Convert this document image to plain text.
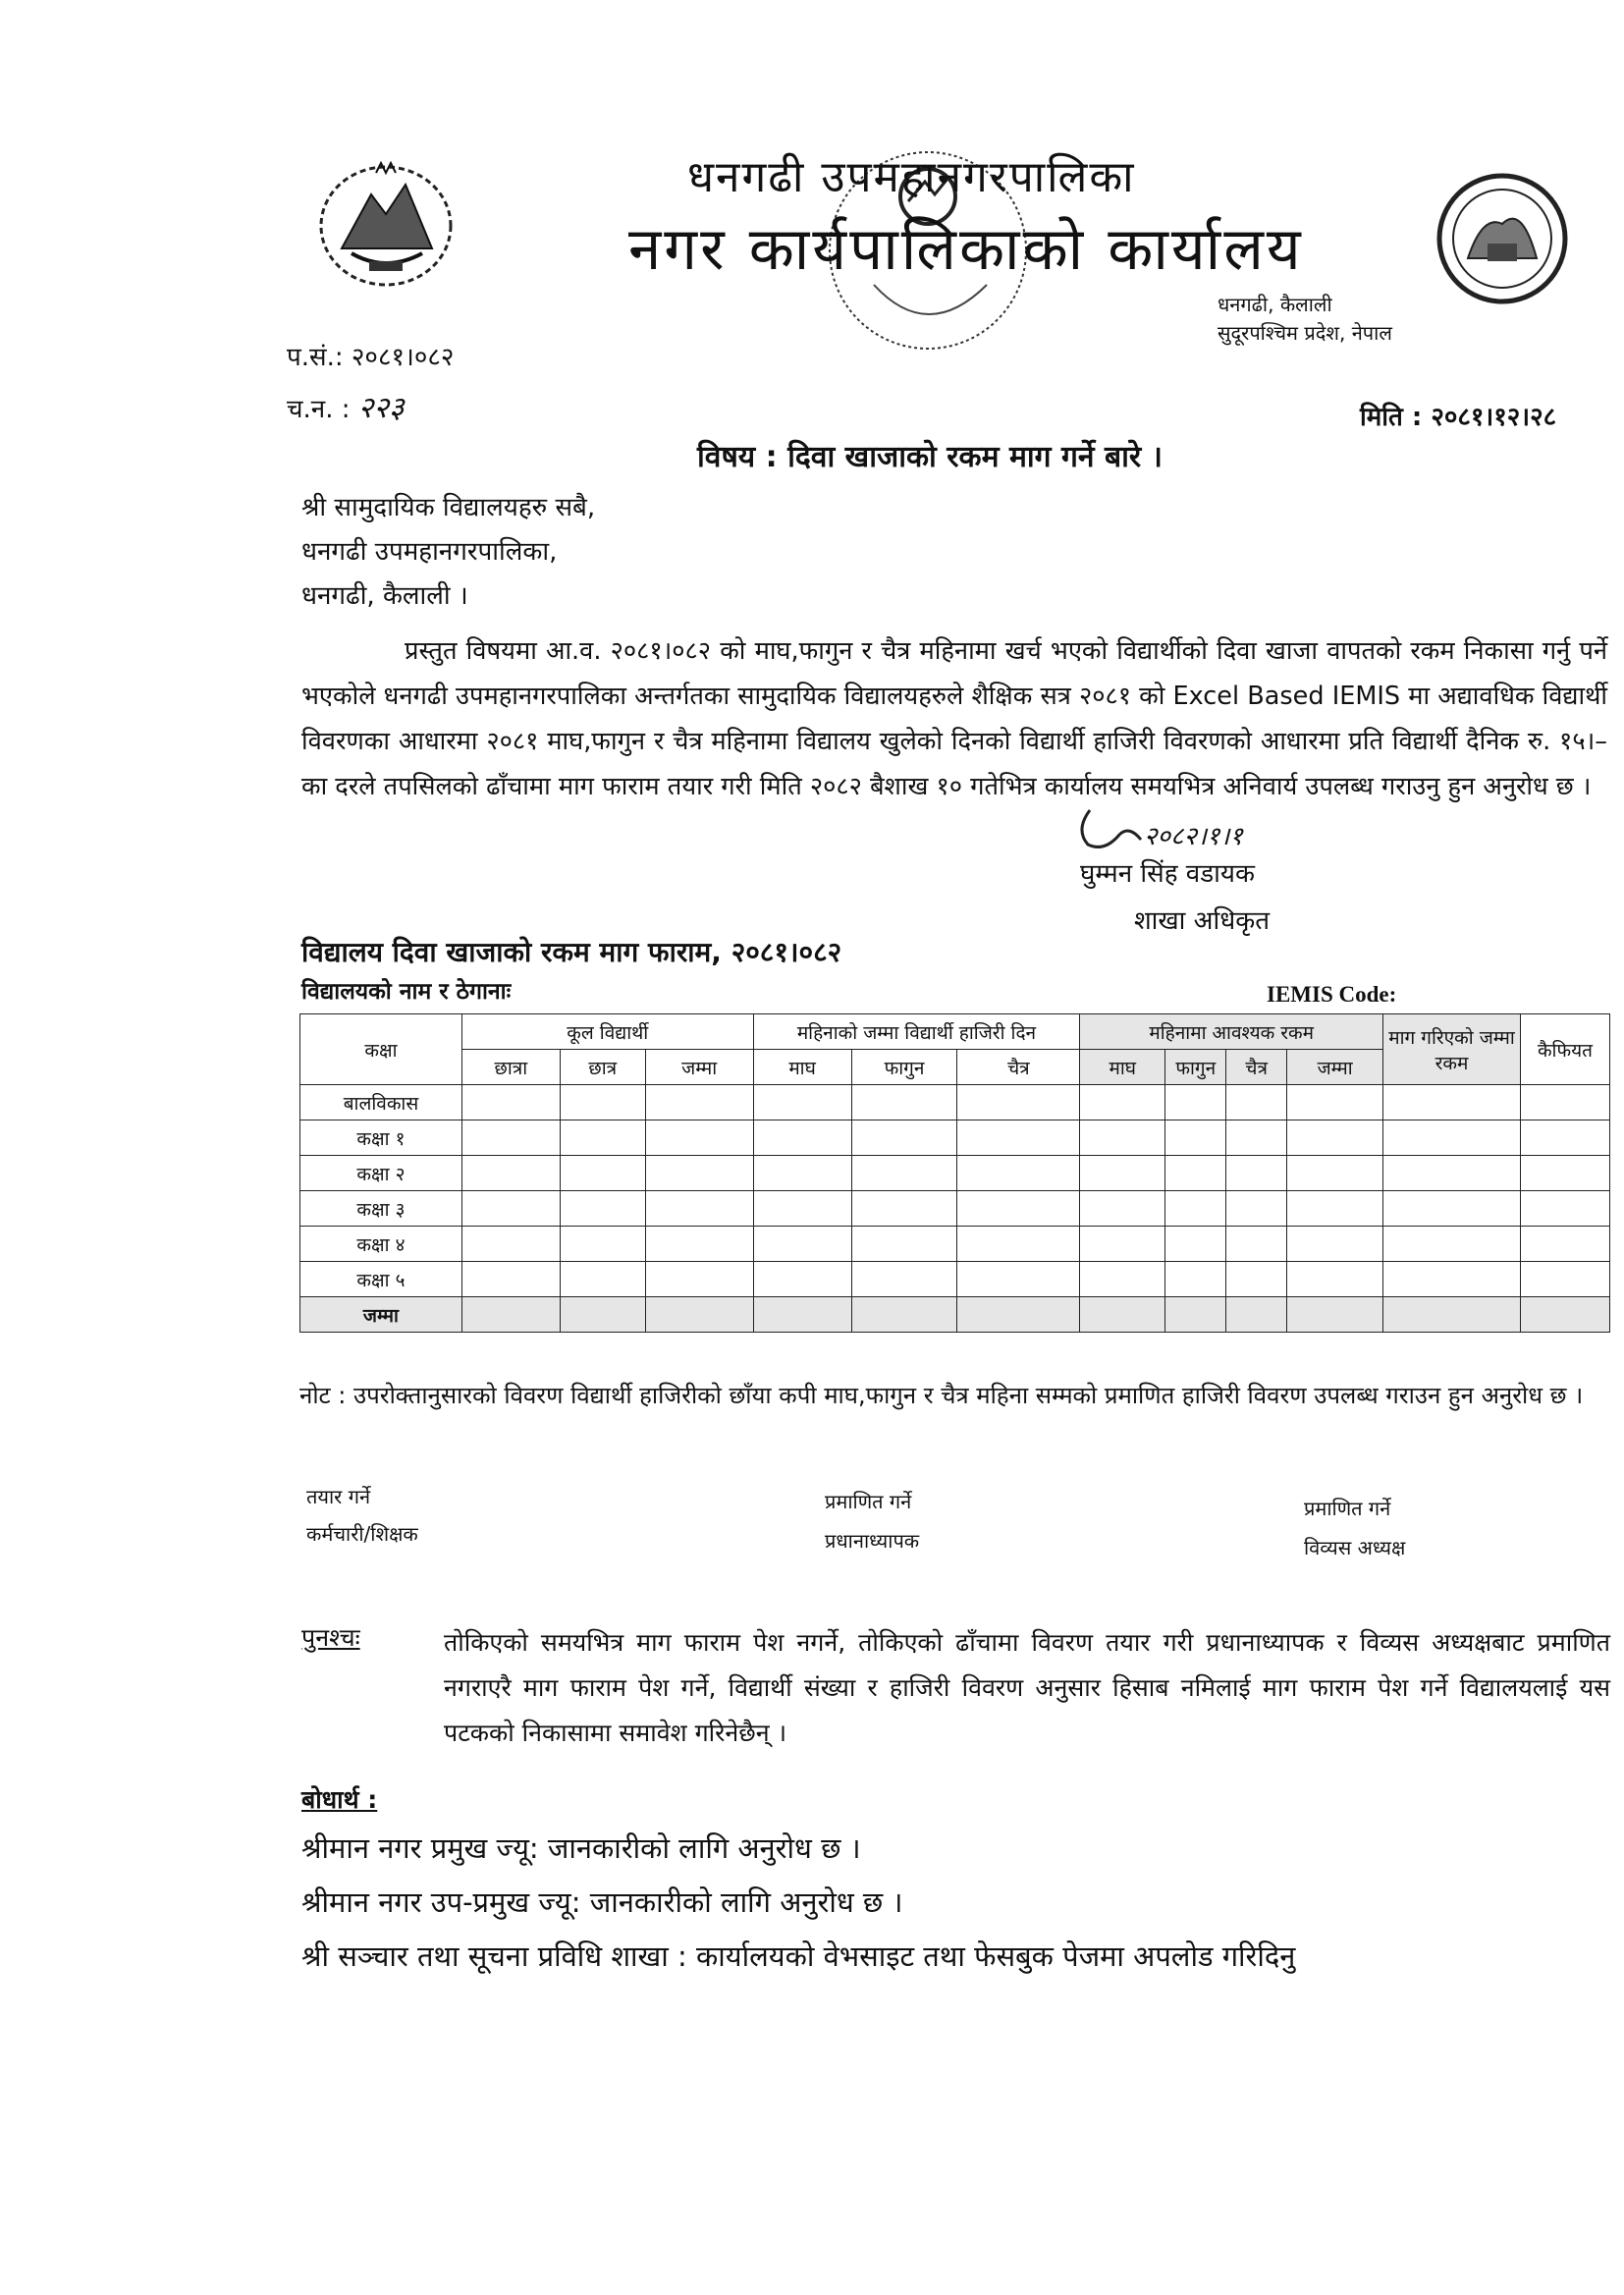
धनगढी उपमहानगरपालिका
नगर कार्यपालिकाको कार्यालय
धनगढी, कैलाली
सुदूरपश्चिम प्रदेश, नेपाल
प.सं.: २०८१।०८२
च.न. : २२३	मिति : २०८१।१२।२८
विषय : दिवा खाजाको रकम माग गर्ने बारे ।
श्री सामुदायिक विद्यालयहरु सबै,
धनगढी उपमहानगरपालिका,
धनगढी, कैलाली ।
प्रस्तुत विषयमा आ.व. २०८१।०८२ को माघ,फागुन र चैत्र महिनामा खर्च भएको विद्यार्थीको दिवा खाजा वापतको रकम निकासा गर्नु पर्ने भएकोले धनगढी उपमहानगरपालिका अन्तर्गतका सामुदायिक विद्यालयहरुले शैक्षिक सत्र २०८१ को Excel Based IEMIS मा अद्यावधिक विद्यार्थी विवरणका आधारमा २०८१ माघ,फागुन र चैत्र महिनामा विद्यालय खुलेको दिनको विद्यार्थी हाजिरी विवरणको आधारमा प्रति विद्यार्थी दैनिक रु. १५।– का दरले तपसिलको ढाँचामा माग फाराम तयार गरी मिति २०८२ बैशाख १० गतेभित्र कार्यालय समयभित्र अनिवार्य उपलब्ध गराउनु हुन अनुरोध छ ।
२०८२।१।१
घुम्मन सिंह वडायक
शाखा अधिकृत
विद्यालय दिवा खाजाको रकम माग फाराम, २०८१।०८२
विद्यालयको नाम र ठेगानाः	IEMIS Code:
कक्षा	कूल विद्यार्थी			महिनाको जम्मा विद्यार्थी हाजिरी दिन			महिनामा आवश्यक रकम				माग गरिएको जम्मा रकम	कैफियत
	छात्रा	छात्र	जम्मा	माघ	फागुन	चैत्र	माघ	फागुन	चैत्र	जम्मा		
बालविकास												
कक्षा १												
कक्षा २												
कक्षा ३												
कक्षा ४												
कक्षा ५												
जम्मा												
नोट : उपरोक्तानुसारको विवरण विद्यार्थी हाजिरीको छाँया कपी माघ,फागुन र चैत्र महिना सम्मको प्रमाणित हाजिरी विवरण उपलब्ध गराउन हुन अनुरोध छ ।
तयार गर्ने
कर्मचारी/शिक्षक
प्रमाणित गर्ने
प्रधानाध्यापक
प्रमाणित गर्ने
विव्यस अध्यक्ष
पुनश्चः	तोकिएको समयभित्र माग फाराम पेश नगर्ने, तोकिएको ढाँचामा विवरण तयार गरी प्रधानाध्यापक र विव्यस अध्यक्षबाट प्रमाणित नगराएरै माग फाराम पेश गर्ने, विद्यार्थी संख्या र हाजिरी विवरण अनुसार हिसाब नमिलाई माग फाराम पेश गर्ने विद्यालयलाई यस पटकको निकासामा समावेश गरिनेछैन् ।
बोधार्थ :
श्रीमान नगर प्रमुख ज्यू: जानकारीको लागि अनुरोध छ ।
श्रीमान नगर उप-प्रमुख ज्यू: जानकारीको लागि अनुरोध छ ।
श्री सञ्चार तथा सूचना प्रविधि शाखा : कार्यालयको वेभसाइट तथा फेसबुक पेजमा अपलोड गरिदिनु
